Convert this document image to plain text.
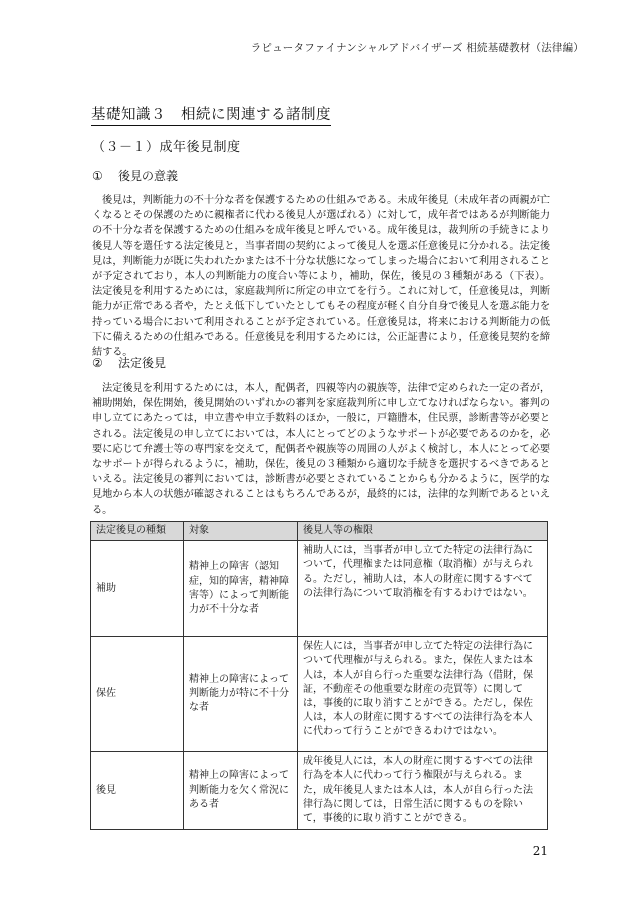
ラピュータファイナンシャルアドバイザーズ 相続基礎教材（法律編）
基礎知識３　相続に関連する諸制度
（３－１）成年後見制度
① 後見の意義

後見は，判断能力の不十分な者を保護するための仕組みである。未成年後見（未成年者の両親が亡くなるとその保護のために親権者に代わる後見人が選ばれる）に対して，成年者ではあるが判断能力の不十分な者を保護するための仕組みを成年後見と呼んでいる。成年後見は，裁判所の手続きにより後見人等を選任する法定後見と，当事者間の契約によって後見人を選ぶ任意後見に分かれる。法定後見は，判断能力が既に失われたかまたは不十分な状態になってしまった場合において利用されることが予定されており，本人の判断能力の度合い等により，補助，保佐，後見の３種類がある（下表）。法定後見を利用するためには，家庭裁判所に所定の申立てを行う。これに対して，任意後見は，判断能力が正常である者や，たとえ低下していたとしてもその程度が軽く自分自身で後見人を選ぶ能力を持っている場合において利用されることが予定されている。任意後見は，将来における判断能力の低下に備えるための仕組みである。任意後見を利用するためには，公正証書により，任意後見契約を締結する。

② 法定後見

法定後見を利用するためには，本人，配偶者，四親等内の親族等，法律で定められた一定の者が，補助開始，保佐開始，後見開始のいずれかの審判を家庭裁判所に申し立てなければならない。審判の申し立てにあたっては，申立書や申立手数料のほか，一般に，戸籍謄本，住民票，診断書等が必要とされる。法定後見の申し立てにおいては，本人にとってどのようなサポートが必要であるのかを，必要に応じて弁護士等の専門家を交えて，配偶者や親族等の周囲の人がよく検討し，本人にとって必要なサポートが得られるように，補助，保佐，後見の３種類から適切な手続きを選択するべきであるといえる。法定後見の審判においては，診断書が必要とされていることからも分かるように，医学的な見地から本人の状態が確認されることはもちろんであるが，最終的には，法律的な判断であるといえる。

法定後見の種類	対象	後見人等の権限
補助	精神上の障害（認知症，知的障害，精神障害等）によって判断能力が不十分な者	補助人には，当事者が申し立てた特定の法律行為について，代理権または同意権（取消権）が与えられる。ただし，補助人は，本人の財産に関するすべての法律行為について取消権を有するわけではない。
保佐	精神上の障害によって判断能力が特に不十分な者	保佐人には，当事者が申し立てた特定の法律行為について代理権が与えられる。また，保佐人または本人は，本人が自ら行った重要な法律行為（借財，保証，不動産その他重要な財産の売買等）に関しては，事後的に取り消すことができる。ただし，保佐人は，本人の財産に関するすべての法律行為を本人に代わって行うことができるわけではない。
後見	精神上の障害によって判断能力を欠く常況にある者	成年後見人には，本人の財産に関するすべての法律行為を本人に代わって行う権限が与えられる。また，成年後見人または本人は，本人が自ら行った法律行為に関しては，日常生活に関するものを除いて，事後的に取り消すことができる。
21
